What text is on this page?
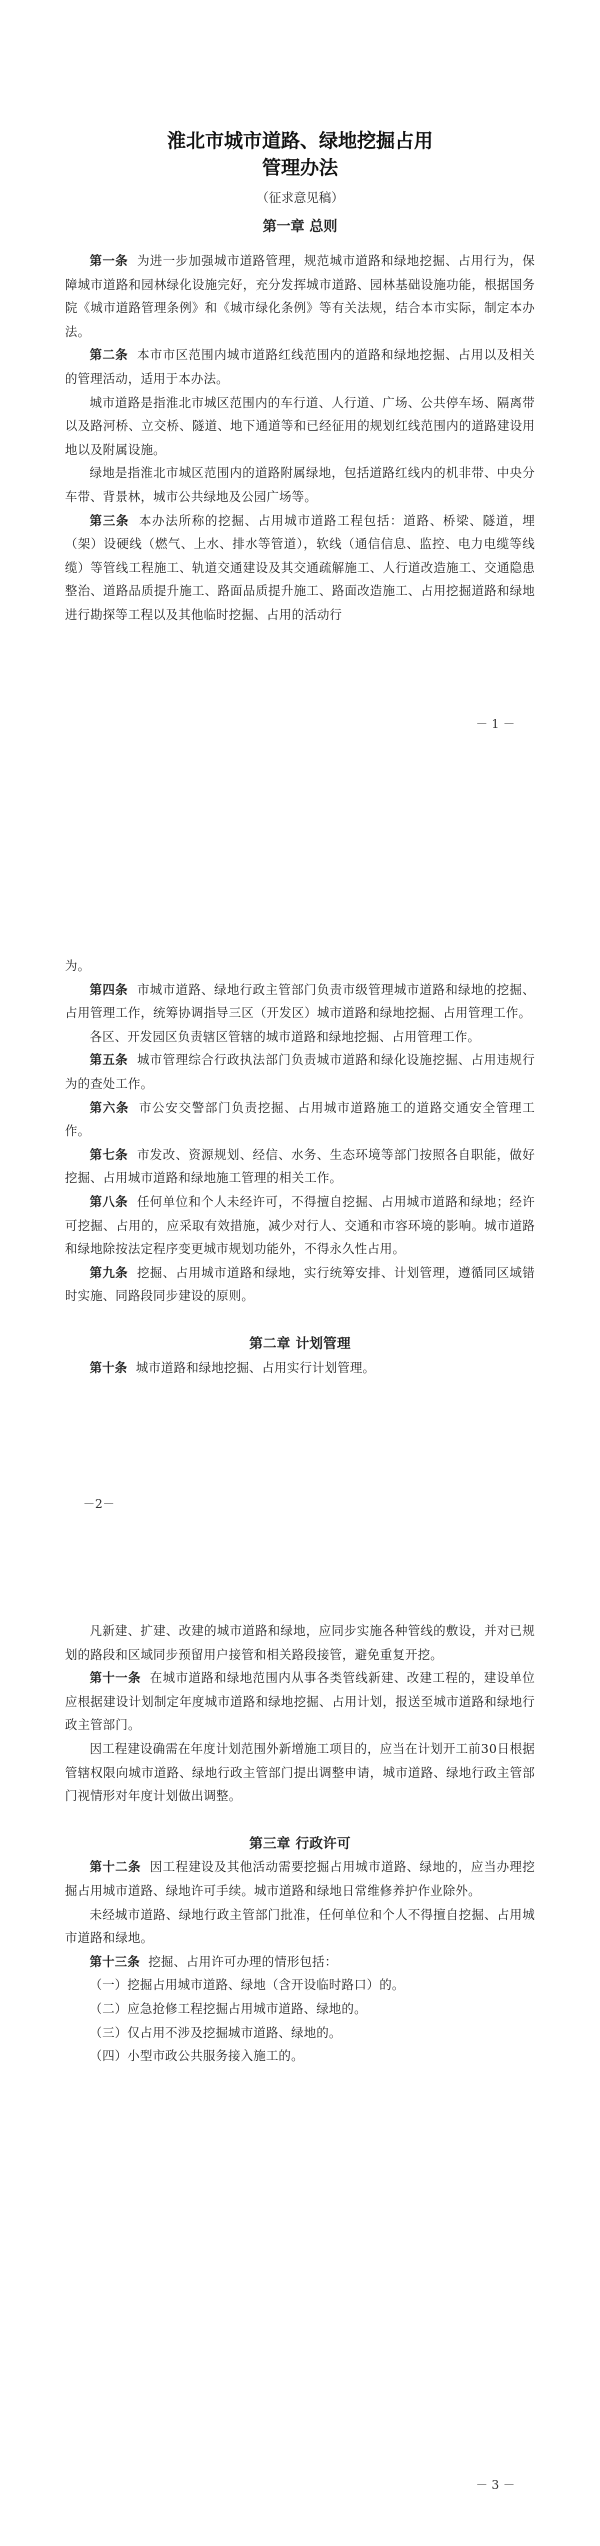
淮北市城市道路、绿地挖掘占用
管理办法
（征求意见稿）
第一章 总则

第一条 为进一步加强城市道路管理，规范城市道路和绿地挖掘、占用行为，保障城市道路和园林绿化设施完好，充分发挥城市道路、园林基础设施功能，根据国务院《城市道路管理条例》和《城市绿化条例》等有关法规，结合本市实际，制定本办法。

第二条 本市市区范围内城市道路红线范围内的道路和绿地挖掘、占用以及相关的管理活动，适用于本办法。

城市道路是指淮北市城区范围内的车行道、人行道、广场、公共停车场、隔离带以及路河桥、立交桥、隧道、地下通道等和已经征用的规划红线范围内的道路建设用地以及附属设施。

绿地是指淮北市城区范围内的道路附属绿地，包括道路红线内的机非带、中央分车带、背景林，城市公共绿地及公园广场等。

第三条 本办法所称的挖掘、占用城市道路工程包括：道路、桥梁、隧道，埋（架）设硬线（燃气、上水、排水等管道），软线（通信信息、监控、电力电缆等线缆）等管线工程施工、轨道交通建设及其交通疏解施工、人行道改造施工、交通隐患整治、道路品质提升施工、路面品质提升施工、路面改造施工、占用挖掘道路和绿地进行勘探等工程以及其他临时挖掘、占用的活动行

－ 1 －

为。

第四条 市城市道路、绿地行政主管部门负责市级管理城市道路和绿地的挖掘、占用管理工作，统筹协调指导三区（开发区）城市道路和绿地挖掘、占用管理工作。

各区、开发园区负责辖区管辖的城市道路和绿地挖掘、占用管理工作。

第五条 城市管理综合行政执法部门负责城市道路和绿化设施挖掘、占用违规行为的查处工作。

第六条 市公安交警部门负责挖掘、占用城市道路施工的道路交通安全管理工作。

第七条 市发改、资源规划、经信、水务、生态环境等部门按照各自职能，做好挖掘、占用城市道路和绿地施工管理的相关工作。

第八条 任何单位和个人未经许可，不得擅自挖掘、占用城市道路和绿地；经许可挖掘、占用的，应采取有效措施，减少对行人、交通和市容环境的影响。城市道路和绿地除按法定程序变更城市规划功能外，不得永久性占用。

第九条 挖掘、占用城市道路和绿地，实行统筹安排、计划管理，遵循同区域错时实施、同路段同步建设的原则。

第二章 计划管理

第十条 城市道路和绿地挖掘、占用实行计划管理。

－2－

凡新建、扩建、改建的城市道路和绿地，应同步实施各种管线的敷设，并对已规划的路段和区域同步预留用户接管和相关路段接管，避免重复开挖。

第十一条 在城市道路和绿地范围内从事各类管线新建、改建工程的，建设单位应根据建设计划制定年度城市道路和绿地挖掘、占用计划，报送至城市道路和绿地行政主管部门。

因工程建设确需在年度计划范围外新增施工项目的，应当在计划开工前30日根据管辖权限向城市道路、绿地行政主管部门提出调整申请，城市道路、绿地行政主管部门视情形对年度计划做出调整。

第三章 行政许可

第十二条 因工程建设及其他活动需要挖掘占用城市道路、绿地的，应当办理挖掘占用城市道路、绿地许可手续。城市道路和绿地日常维修养护作业除外。

未经城市道路、绿地行政主管部门批准，任何单位和个人不得擅自挖掘、占用城市道路和绿地。

第十三条 挖掘、占用许可办理的情形包括：

（一）挖掘占用城市道路、绿地（含开设临时路口）的。

（二）应急抢修工程挖掘占用城市道路、绿地的。

（三）仅占用不涉及挖掘城市道路、绿地的。

（四）小型市政公共服务接入施工的。

－ 3 －
